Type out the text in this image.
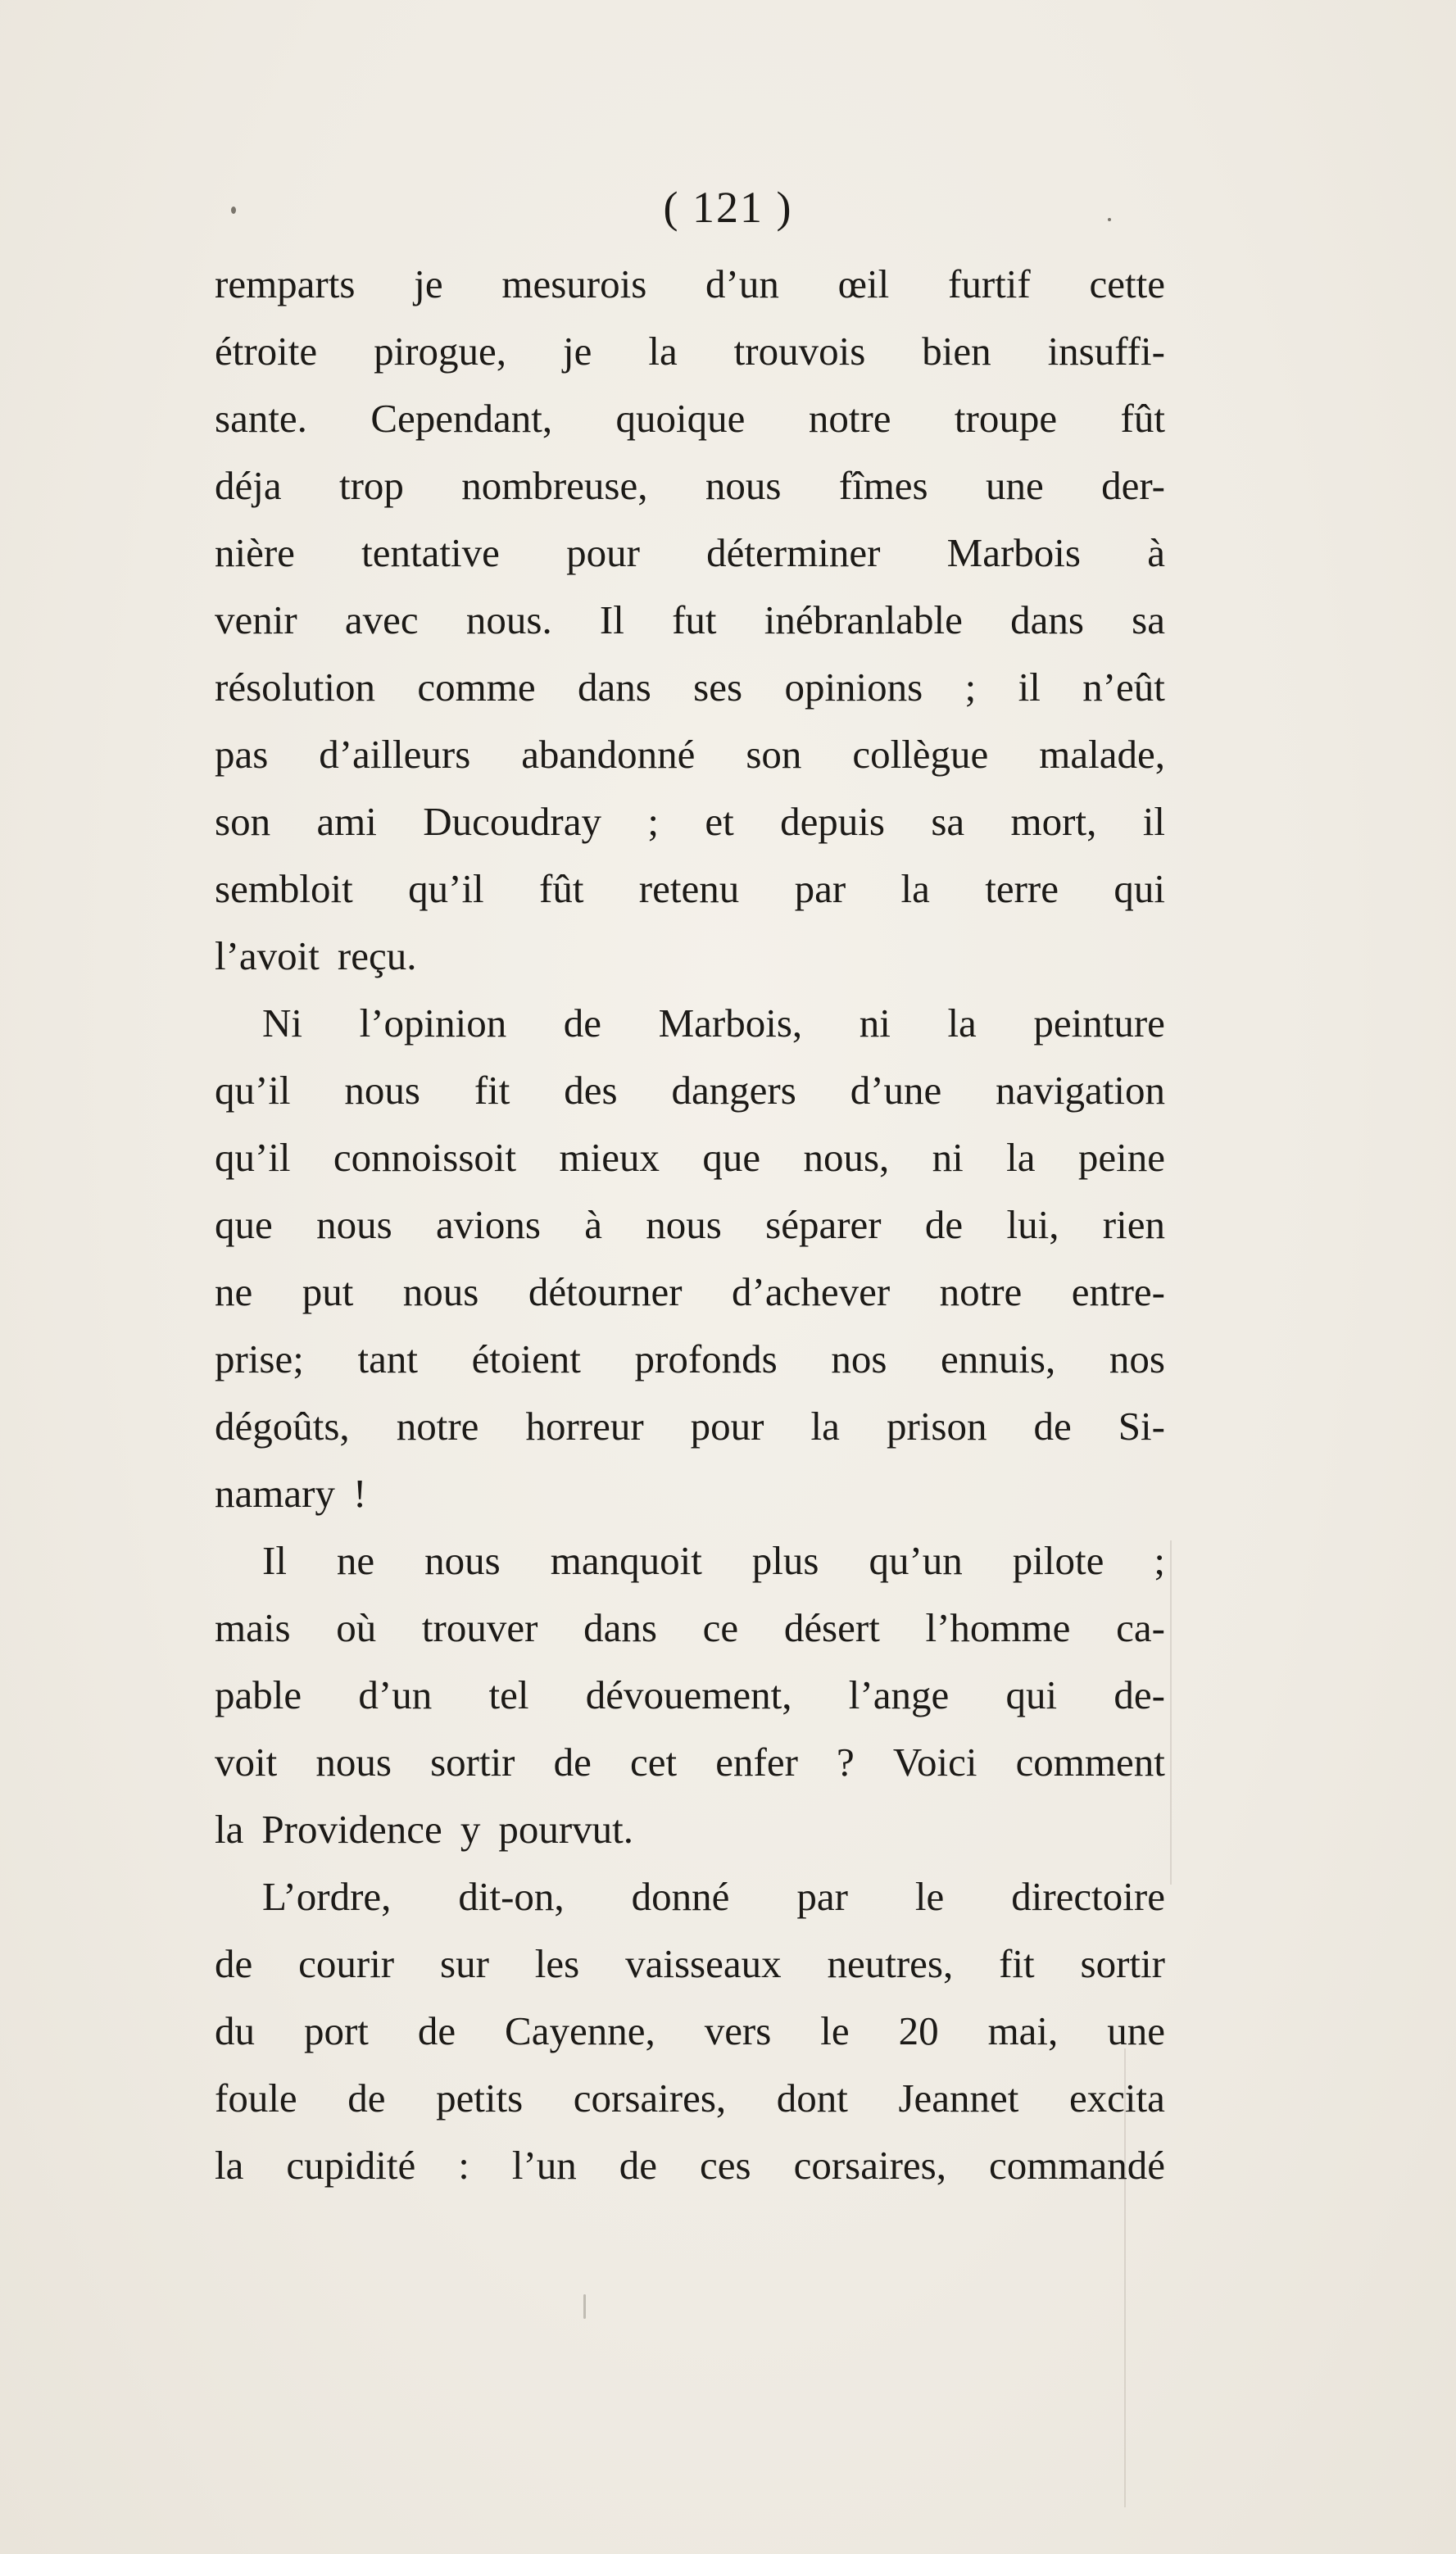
( 121 )
remparts je mesurois d’un œil furtif cette
étroite pirogue, je la trouvois bien insuffi-
sante. Cependant, quoique notre troupe fût
déja trop nombreuse, nous fîmes une der-
nière tentative pour déterminer Marbois à
venir avec nous. Il fut inébranlable dans sa
résolution comme dans ses opinions ; il n’eût
pas d’ailleurs abandonné son collègue malade,
son ami Ducoudray ; et depuis sa mort, il
sembloit qu’il fût retenu par la terre qui
l’avoit reçu.
Ni l’opinion de Marbois, ni la peinture
qu’il nous fit des dangers d’une navigation
qu’il connoissoit mieux que nous, ni la peine
que nous avions à nous séparer de lui, rien
ne put nous détourner d’achever notre entre-
prise; tant étoient profonds nos ennuis, nos
dégoûts, notre horreur pour la prison de Si-
namary !
Il ne nous manquoit plus qu’un pilote ;
mais où trouver dans ce désert l’homme ca-
pable d’un tel dévouement, l’ange qui de-
voit nous sortir de cet enfer ? Voici comment
la Providence y pourvut.
L’ordre, dit-on, donné par le directoire
de courir sur les vaisseaux neutres, fit sortir
du port de Cayenne, vers le 20 mai, une
foule de petits corsaires, dont Jeannet excita
la cupidité : l’un de ces corsaires, commandé
